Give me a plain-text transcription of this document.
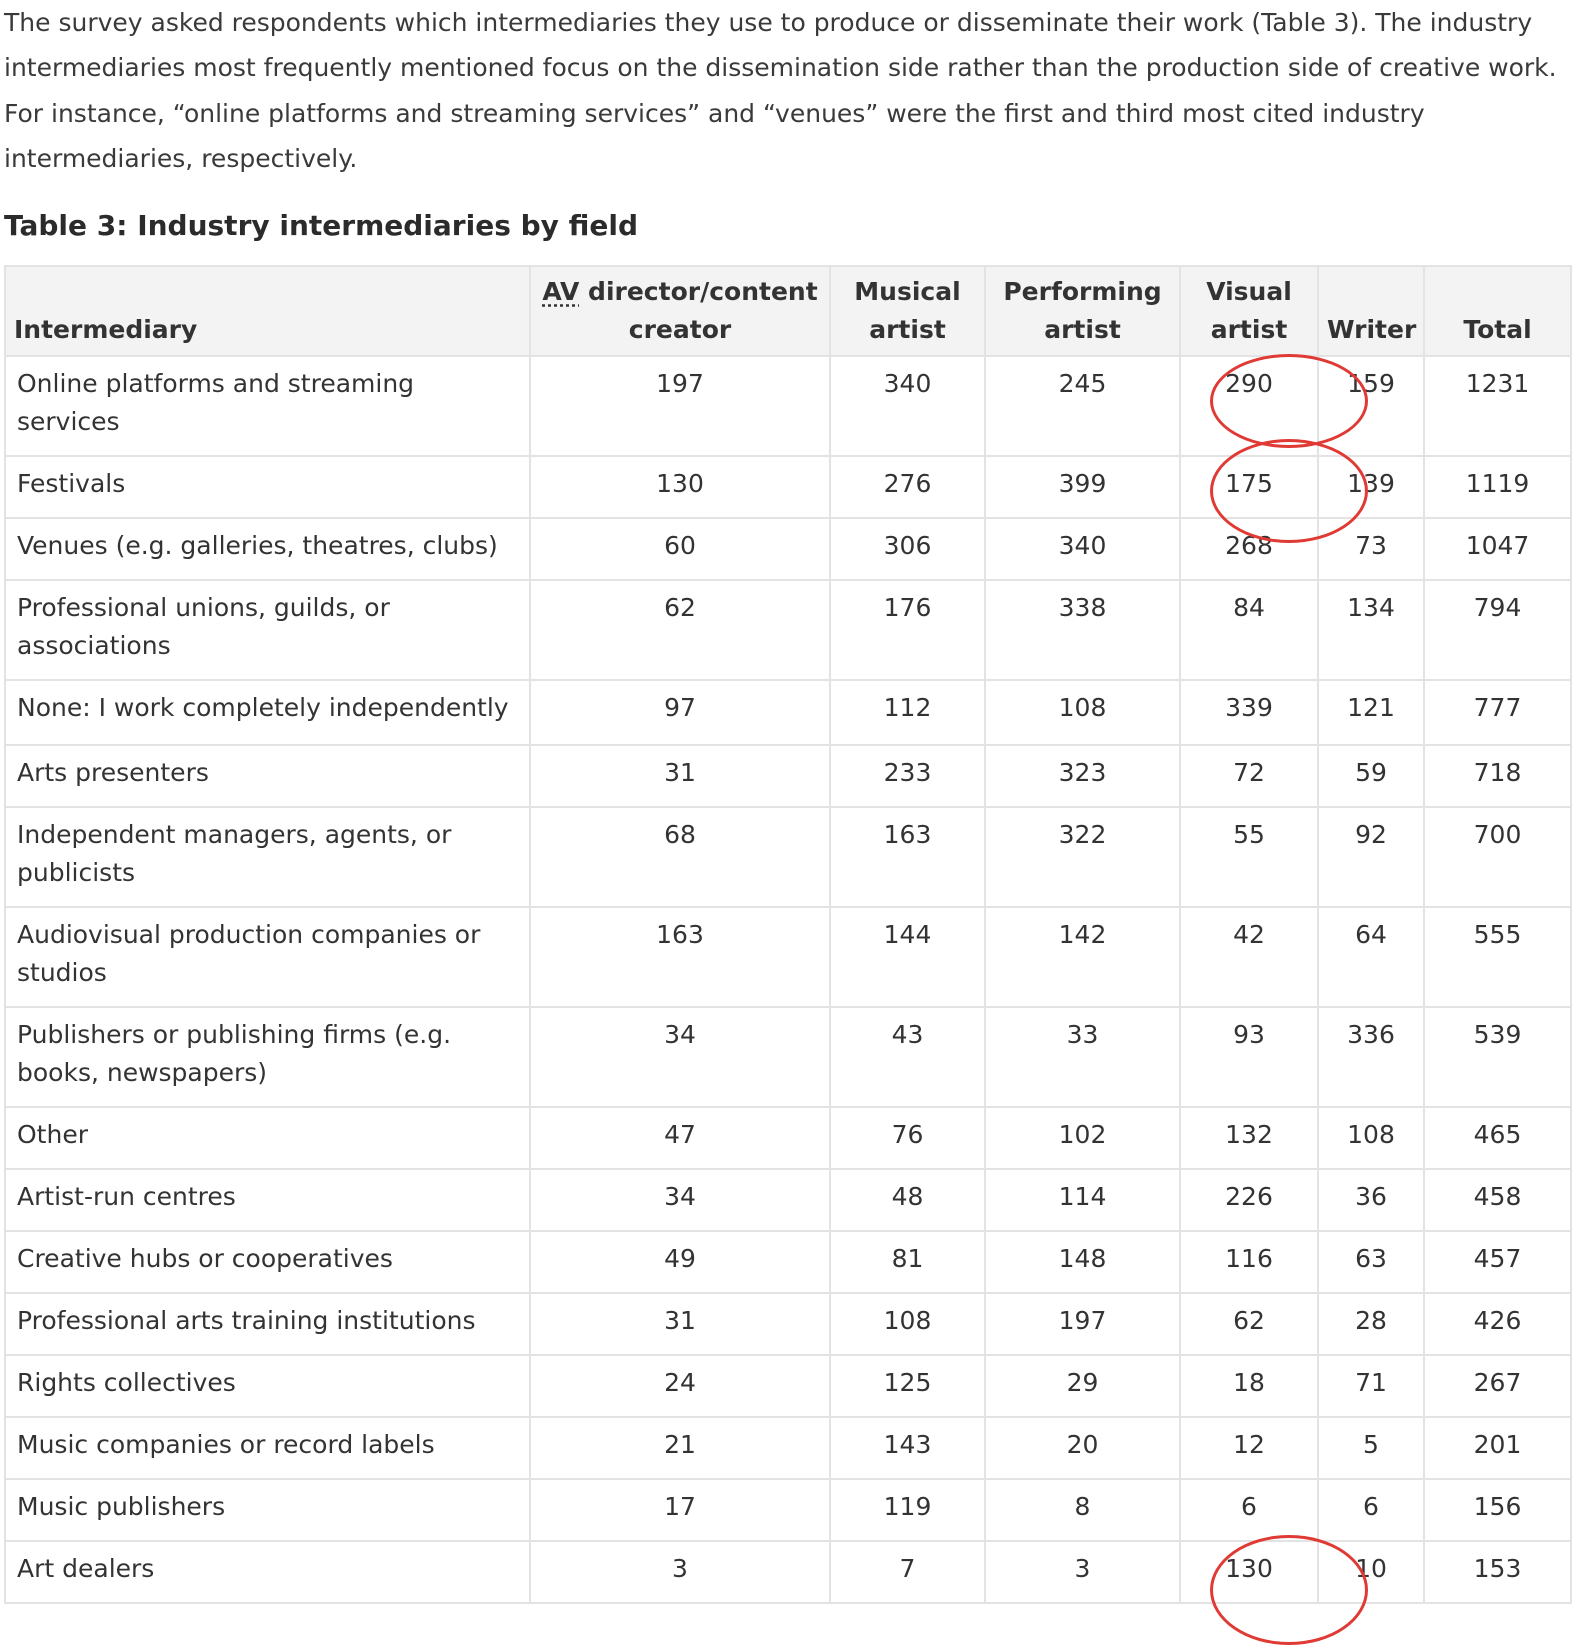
The survey asked respondents which intermediaries they use to produce or disseminate their work (Table 3). The industry intermediaries most frequently mentioned focus on the dissemination side rather than the production side of creative work. For instance, “online platforms and streaming services” and “venues” were the first and third most cited industry intermediaries, respectively.

Table 3: Industry intermediaries by field
Intermediary	AV director/content creator	Musical artist	Performing artist	Visual artist	Writer	Total
Online platforms and streaming services	197	340	245	290	159	1231
Festivals	130	276	399	175	139	1119
Venues (e.g. galleries, theatres, clubs)	60	306	340	268	73	1047
Professional unions, guilds, or associations	62	176	338	84	134	794
None: I work completely independently	97	112	108	339	121	777
Arts presenters	31	233	323	72	59	718
Independent managers, agents, or publicists	68	163	322	55	92	700
Audiovisual production companies or studios	163	144	142	42	64	555
Publishers or publishing firms (e.g. books, newspapers)	34	43	33	93	336	539
Other	47	76	102	132	108	465
Artist-run centres	34	48	114	226	36	458
Creative hubs or cooperatives	49	81	148	116	63	457
Professional arts training institutions	31	108	197	62	28	426
Rights collectives	24	125	29	18	71	267
Music companies or record labels	21	143	20	12	5	201
Music publishers	17	119	8	6	6	156
Art dealers	3	7	3	130	10	153
